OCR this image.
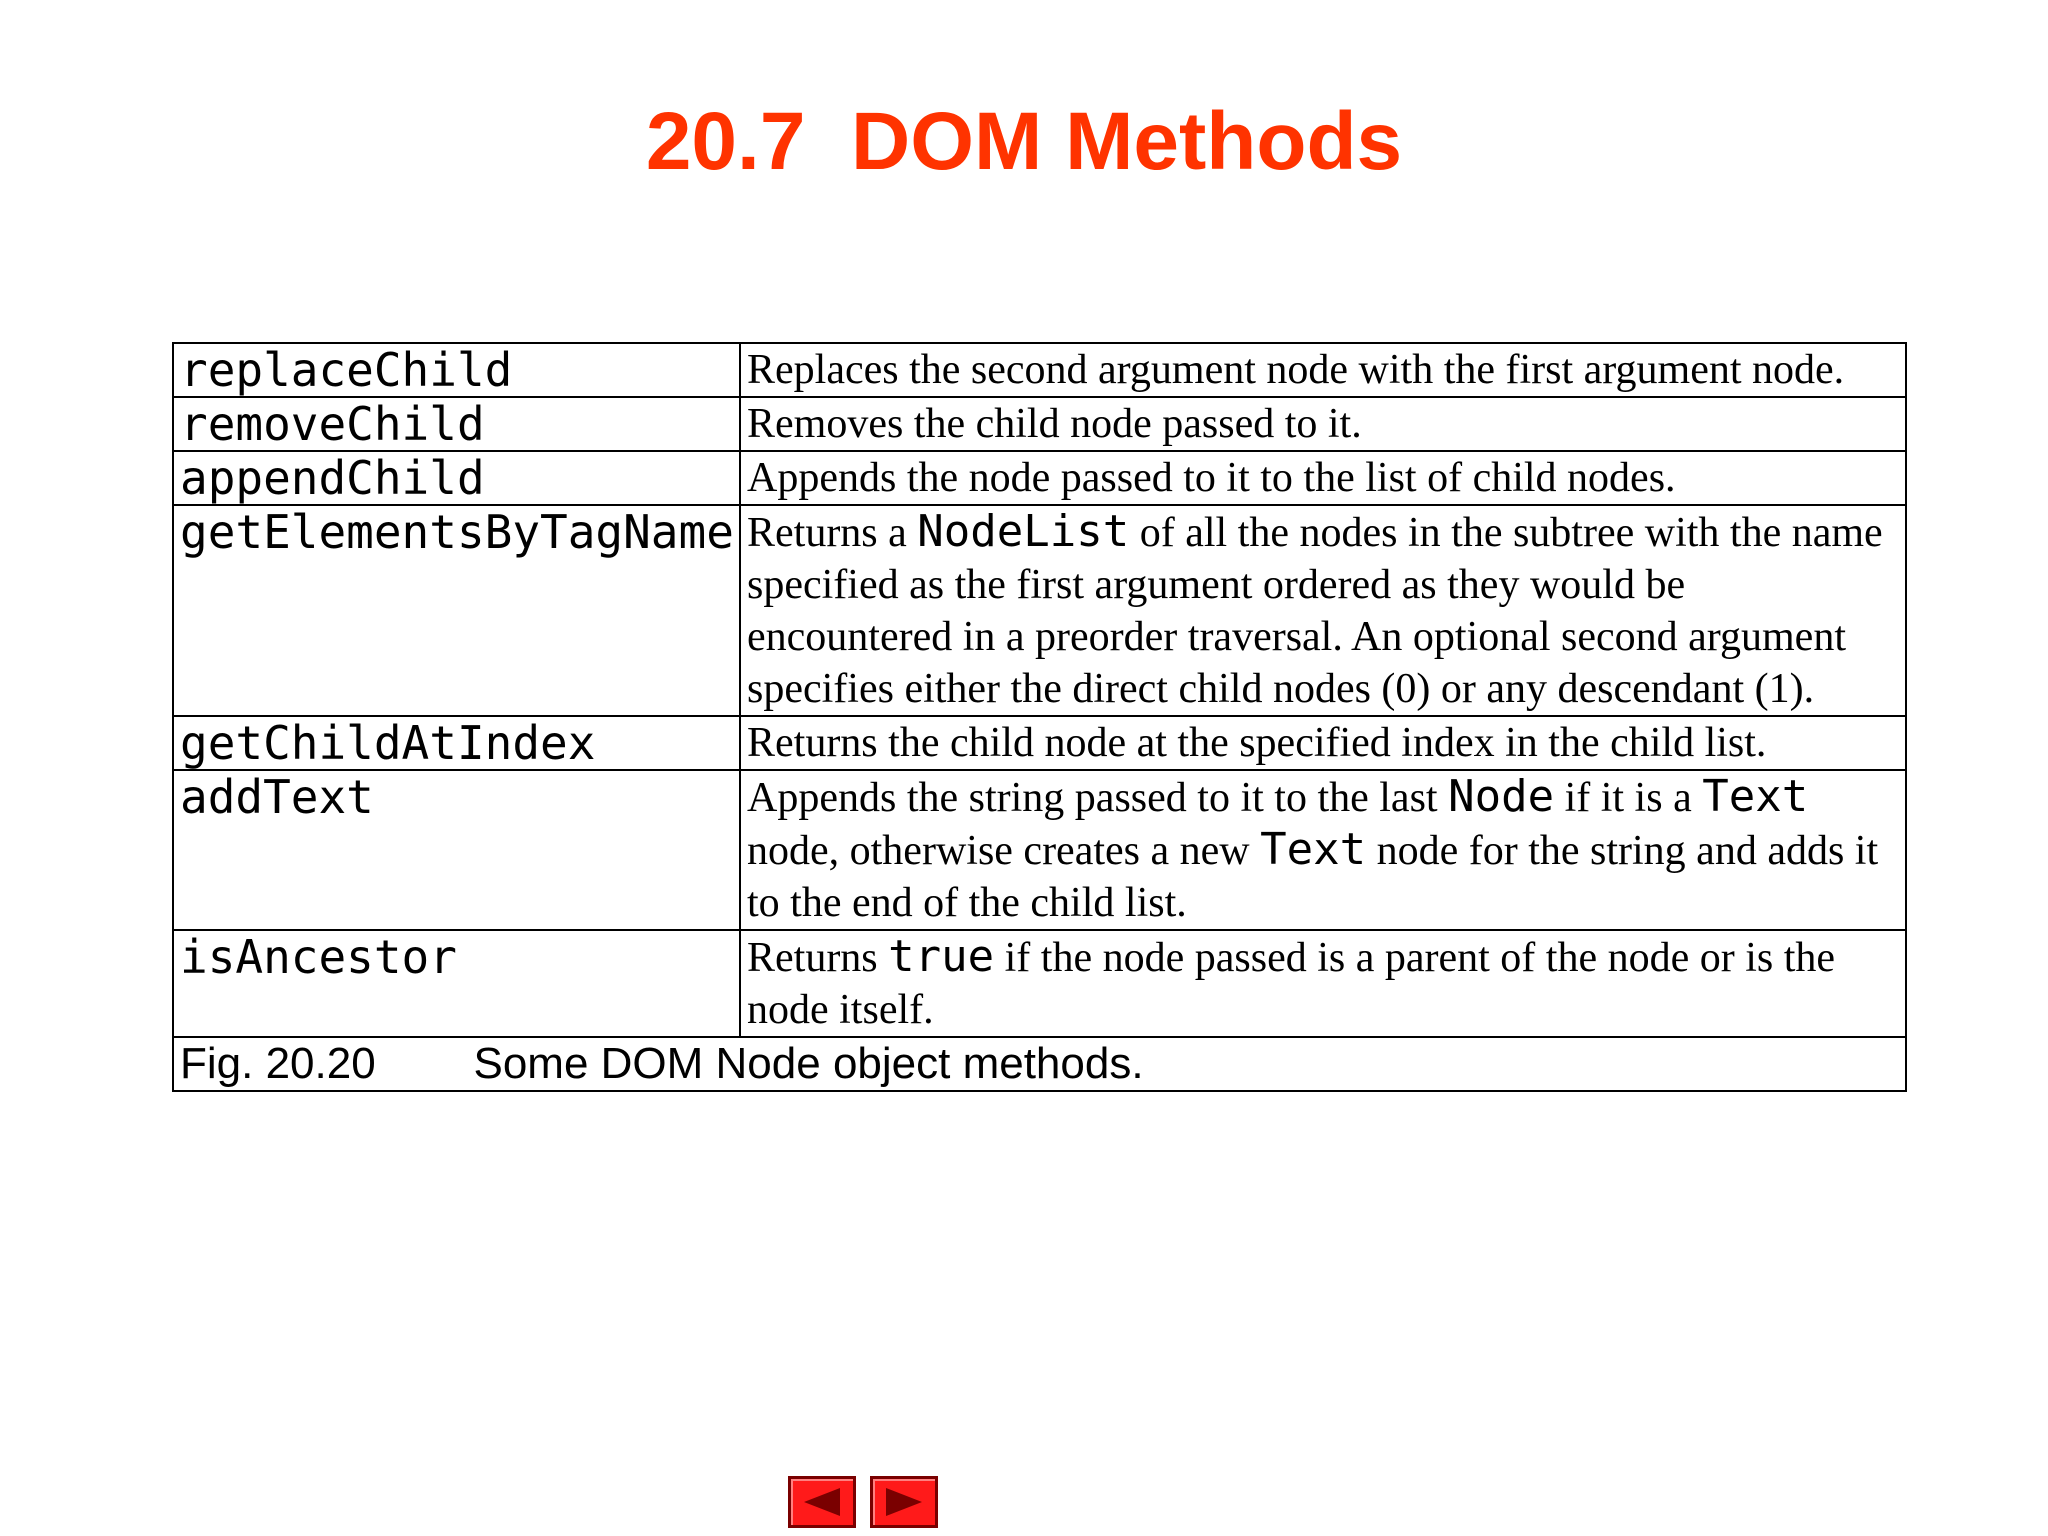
20.7  DOM Methods
replaceChild	Replaces the second argument node with the first argument node.
removeChild	Removes the child node passed to it.
appendChild	Appends the node passed to it to the list of child nodes.
getElementsByTagName	Returns a NodeList of all the nodes in the subtree with the name specified as the first argument ordered as they would be encountered in a preorder traversal. An optional second argument specifies either the direct child nodes (0) or any descendant (1).
getChildAtIndex	Returns the child node at the specified index in the child list.
addText	Appends the string passed to it to the last Node if it is a Text node, otherwise creates a new Text node for the string and adds it to the end of the child list.
isAncestor	Returns true if the node passed is a parent of the node or is the node itself.
Fig. 20.20 Some DOM Node object methods.	
